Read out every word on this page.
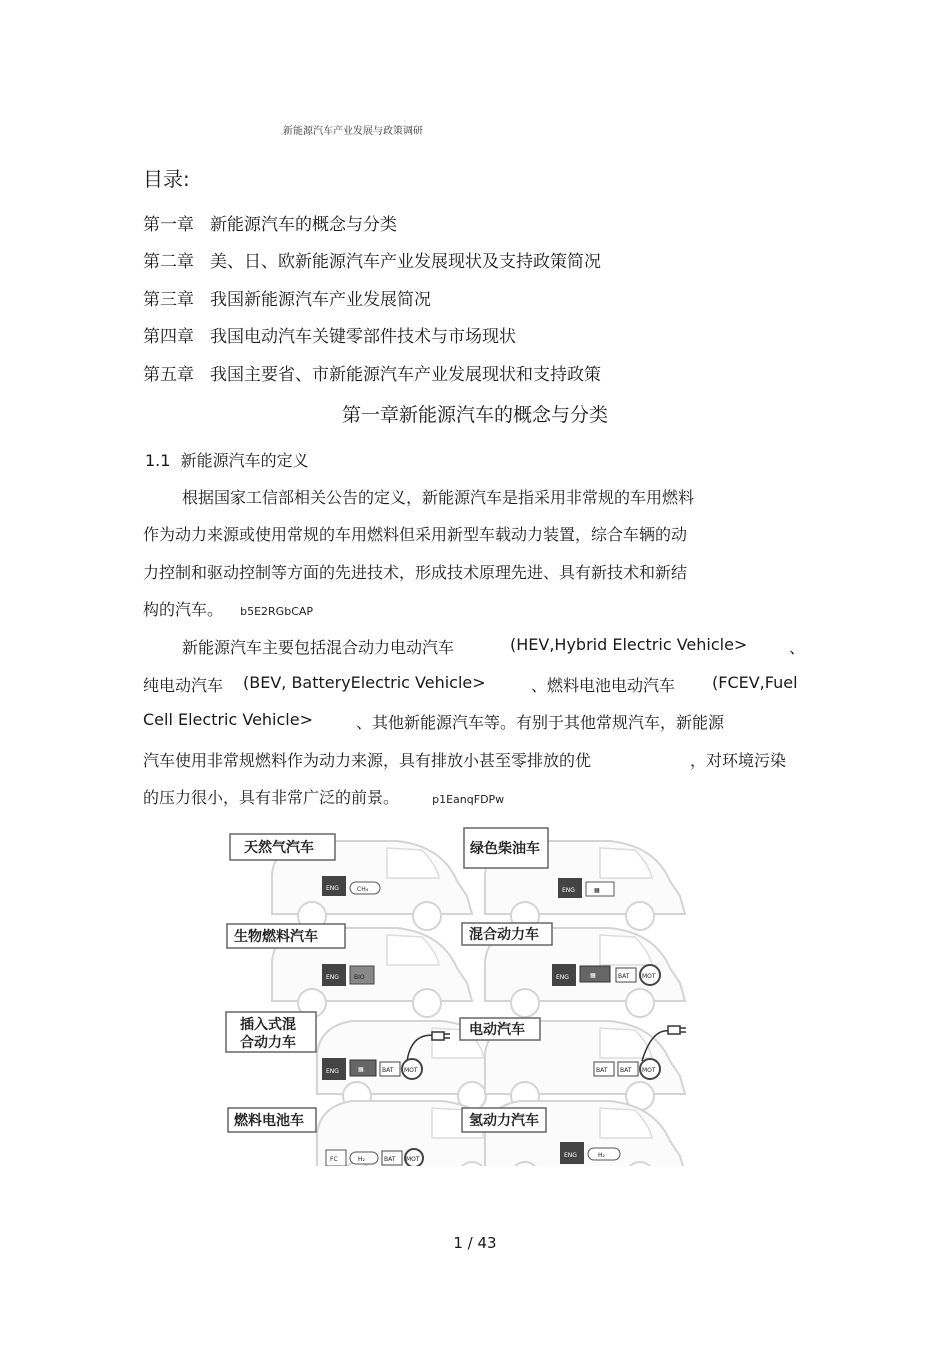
新能源汽车产业发展与政策调研
目录:
第一章 新能源汽车的概念与分类
第二章 美、日、欧新能源汽车产业发展现状及支持政策简况
第三章 我国新能源汽车产业发展简况
第四章 我国电动汽车关键零部件技术与市场现状
第五章 我国主要省、市新能源汽车产业发展现状和支持政策
第一章新能源汽车的概念与分类
1.1 新能源汽车的定义
根据国家工信部相关公告的定义，新能源汽车是指采用非常规的车用燃料
作为动力来源或使用常规的车用燃料但采用新型车载动力装置，综合车辆的动
力控制和驱动控制等方面的先进技术，形成技术原理先进、具有新技术和新结
构的汽车。 b5E2RGbCAP
新能源汽车主要包括混合动力电动汽车	(HEV,Hybrid Electric Vehicle>	、
纯电动汽车 (BEV, BatteryElectric Vehicle>	、燃料电池电动汽车 (FCEV,Fuel
Cell Electric Vehicle>	、其他新能源汽车等。有别于其他常规汽车，新能源
汽车使用非常规燃料作为动力来源，具有排放小甚至零排放的优	，对环境污染
的压力很小，具有非常广泛的前景。	p1EanqFDPw
ENG	CH₄
天然气汽车
ENG	▦
绿色柴油车
ENG	BIO
生物燃料汽车
ENG	▦	BAT MOT
混合动力车
ENG	▦	BAT MOT
插入式混
合动力车
BAT BAT MOT
电动汽车
FC	H₂	BAT MOT
燃料电池车
ENG	H₂
氢动力汽车
1 / 43
